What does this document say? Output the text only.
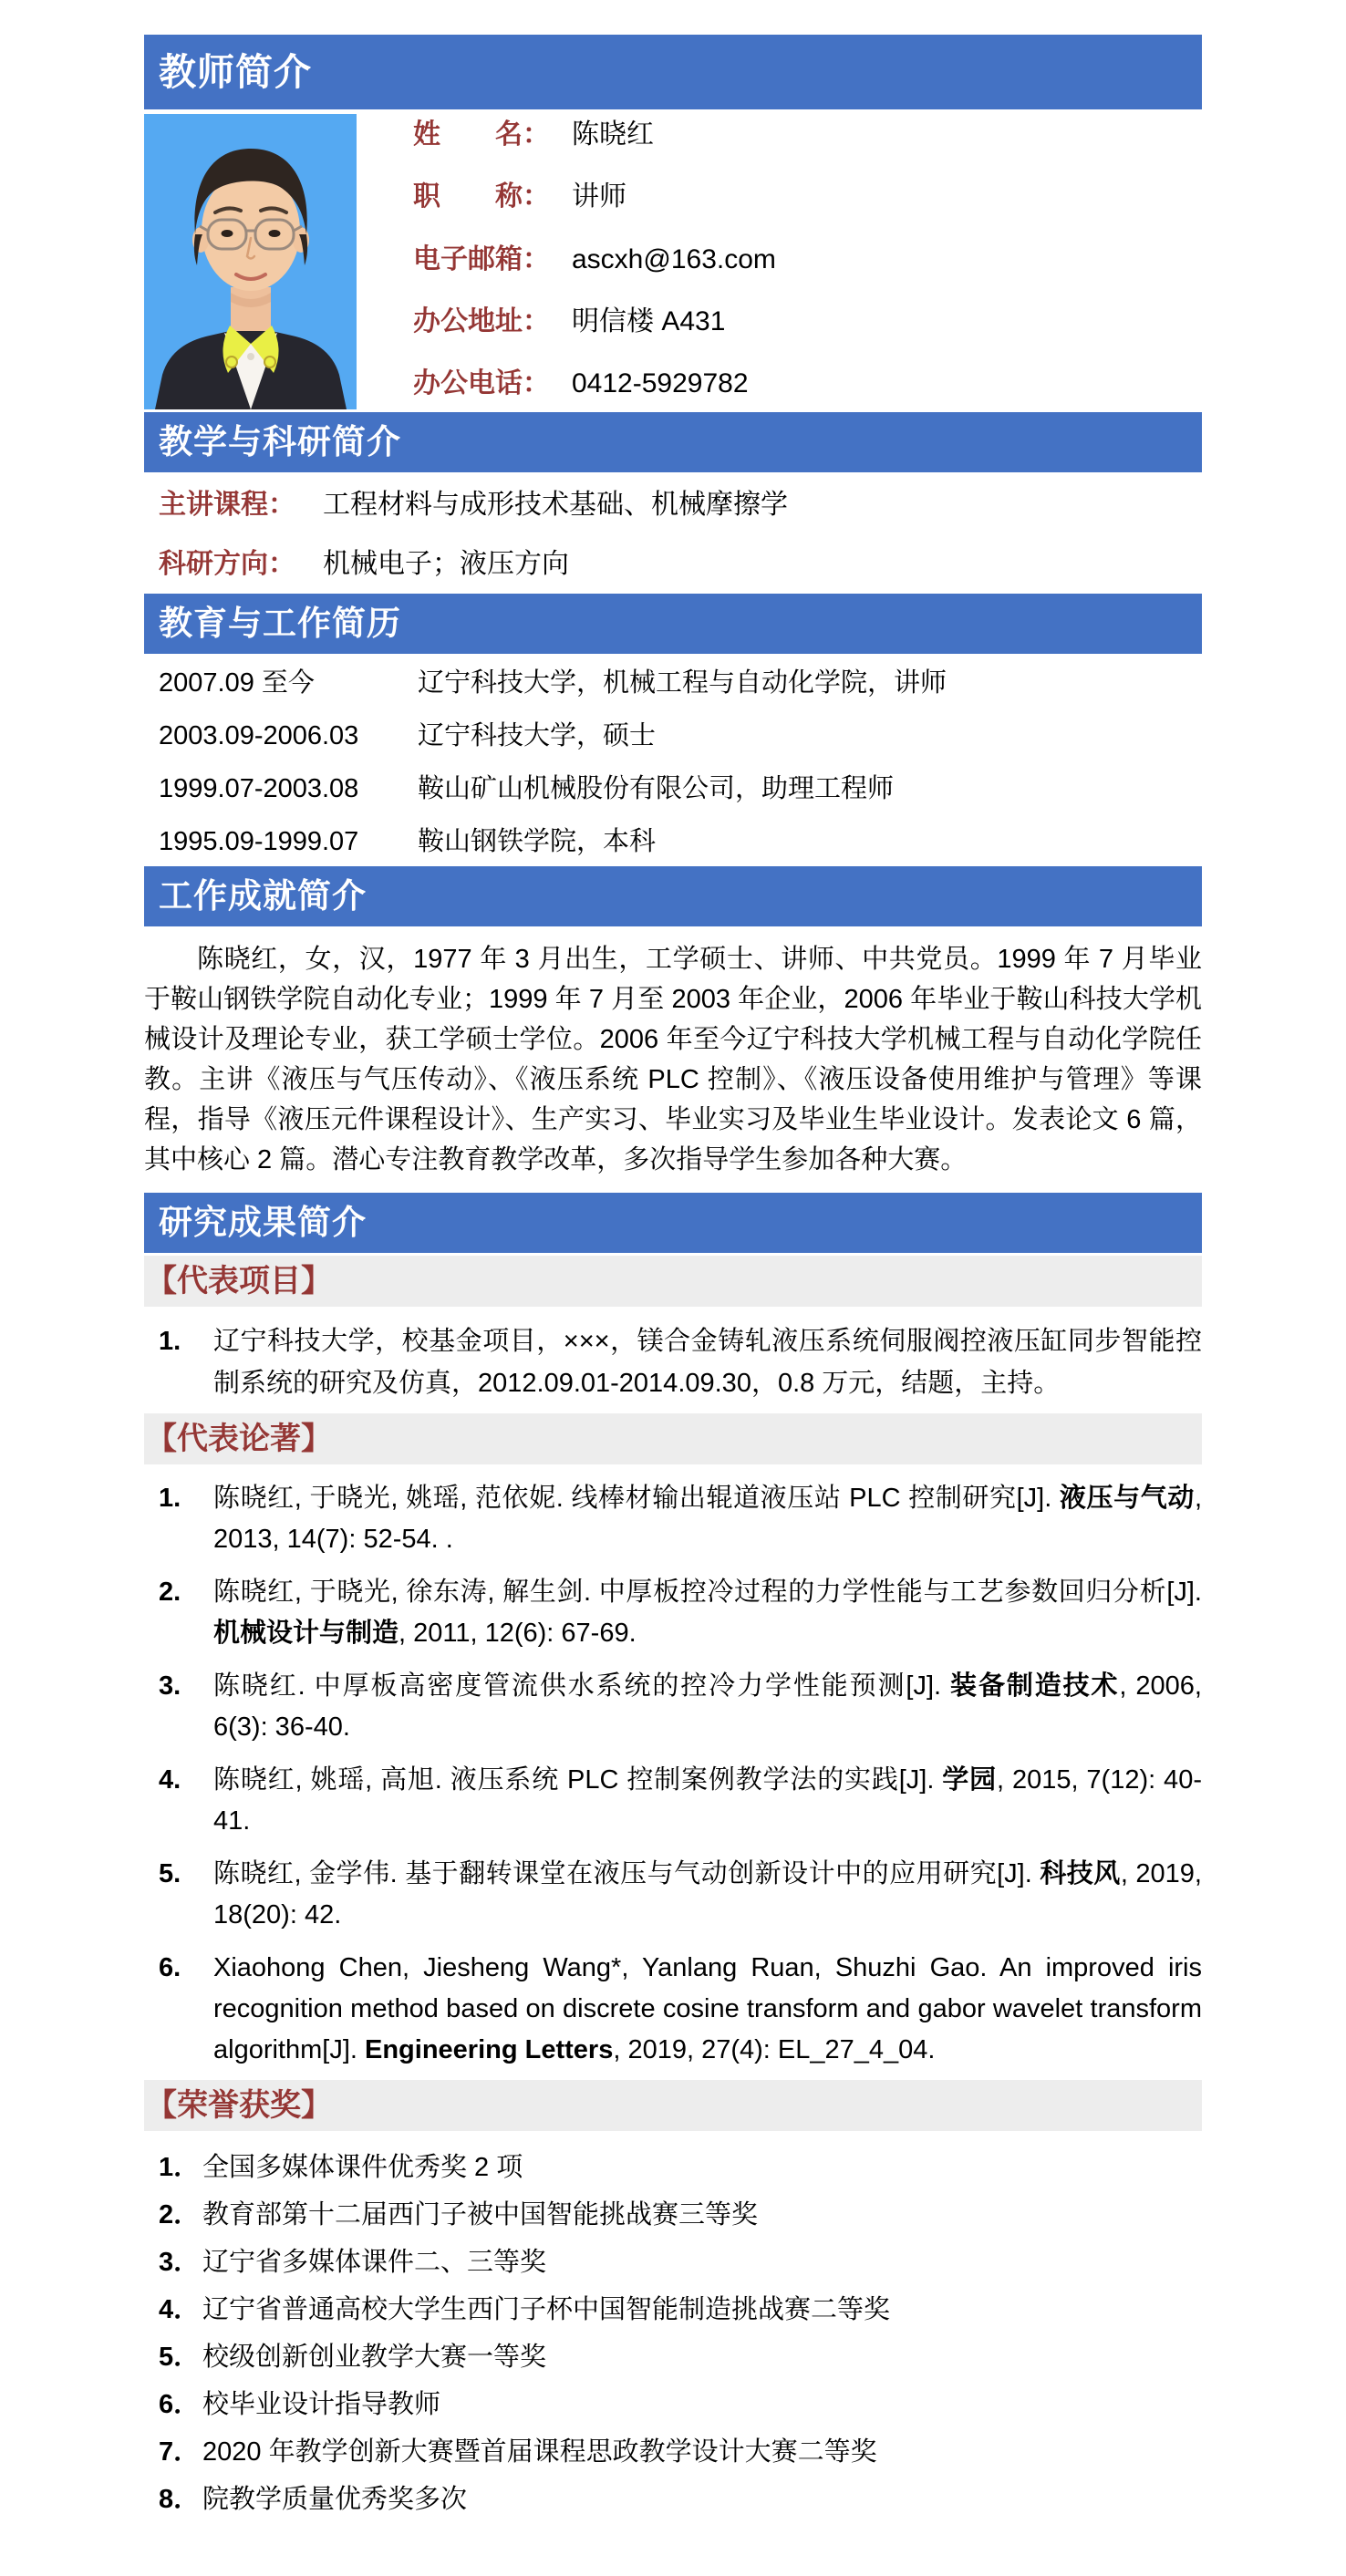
教师简介
姓　　名： 陈晓红
职　　称： 讲师
电子邮箱： ascxh@163.com
办公地址： 明信楼 A431
办公电话： 0412-5929782
教学与科研简介
主讲课程： 工程材料与成形技术基础、机械摩擦学
科研方向： 机械电子；液压方向
教育与工作简历
2007.09 至今	辽宁科技大学，机械工程与自动化学院，讲师
2003.09-2006.03	辽宁科技大学，硕士
1999.07-2003.08	鞍山矿山机械股份有限公司，助理工程师
1995.09-1999.07	鞍山钢铁学院，本科
工作成就简介

陈晓红，女，汉，1977 年 3 月出生，工学硕士、讲师、中共党员。1999 年 7 月毕业于鞍山钢铁学院自动化专业；1999 年 7 月至 2003 年企业，2006 年毕业于鞍山科技大学机械设计及理论专业，获工学硕士学位。2006 年至今辽宁科技大学机械工程与自动化学院任教。主讲《液压与气压传动》、《液压系统 PLC 控制》、《液压设备使用维护与管理》等课程，指导《液压元件课程设计》、生产实习、毕业实习及毕业生毕业设计。发表论文 6 篇，其中核心 2 篇。潜心专注教育教学改革，多次指导学生参加各种大赛。

研究成果简介
【代表项目】
1.	辽宁科技大学，校基金项目，×××，镁合金铸轧液压系统伺服阀控液压缸同步智能控制系统的研究及仿真，2012.09.01-2014.09.30，0.8 万元，结题，主持。
【代表论著】
1.	陈晓红, 于晓光, 姚瑶, 范依妮. 线棒材输出辊道液压站 PLC 控制研究[J]. 液压与气动, 2013, 14(7): 52-54. .
2.	陈晓红, 于晓光, 徐东涛, 解生剑. 中厚板控冷过程的力学性能与工艺参数回归分析[J]. 机械设计与制造, 2011, 12(6): 67-69.
3.	陈晓红. 中厚板高密度管流供水系统的控冷力学性能预测[J]. 装备制造技术, 2006, 6(3): 36-40.
4.	陈晓红, 姚瑶, 高旭. 液压系统 PLC 控制案例教学法的实践[J]. 学园, 2015, 7(12): 40-41.
5.	陈晓红, 金学伟. 基于翻转课堂在液压与气动创新设计中的应用研究[J]. 科技风, 2019, 18(20): 42.
6.	Xiaohong Chen, Jiesheng Wang*, Yanlang Ruan, Shuzhi Gao. An improved iris recognition method based on discrete cosine transform and gabor wavelet transform algorithm[J]. Engineering Letters, 2019, 27(4): EL_27_4_04.
【荣誉获奖】
1． 全国多媒体课件优秀奖 2 项
2． 教育部第十二届西门子被中国智能挑战赛三等奖
3． 辽宁省多媒体课件二、三等奖
4． 辽宁省普通高校大学生西门子杯中国智能制造挑战赛二等奖
5． 校级创新创业教学大赛一等奖
6． 校毕业设计指导教师
7． 2020 年教学创新大赛暨首届课程思政教学设计大赛二等奖
8． 院教学质量优秀奖多次
